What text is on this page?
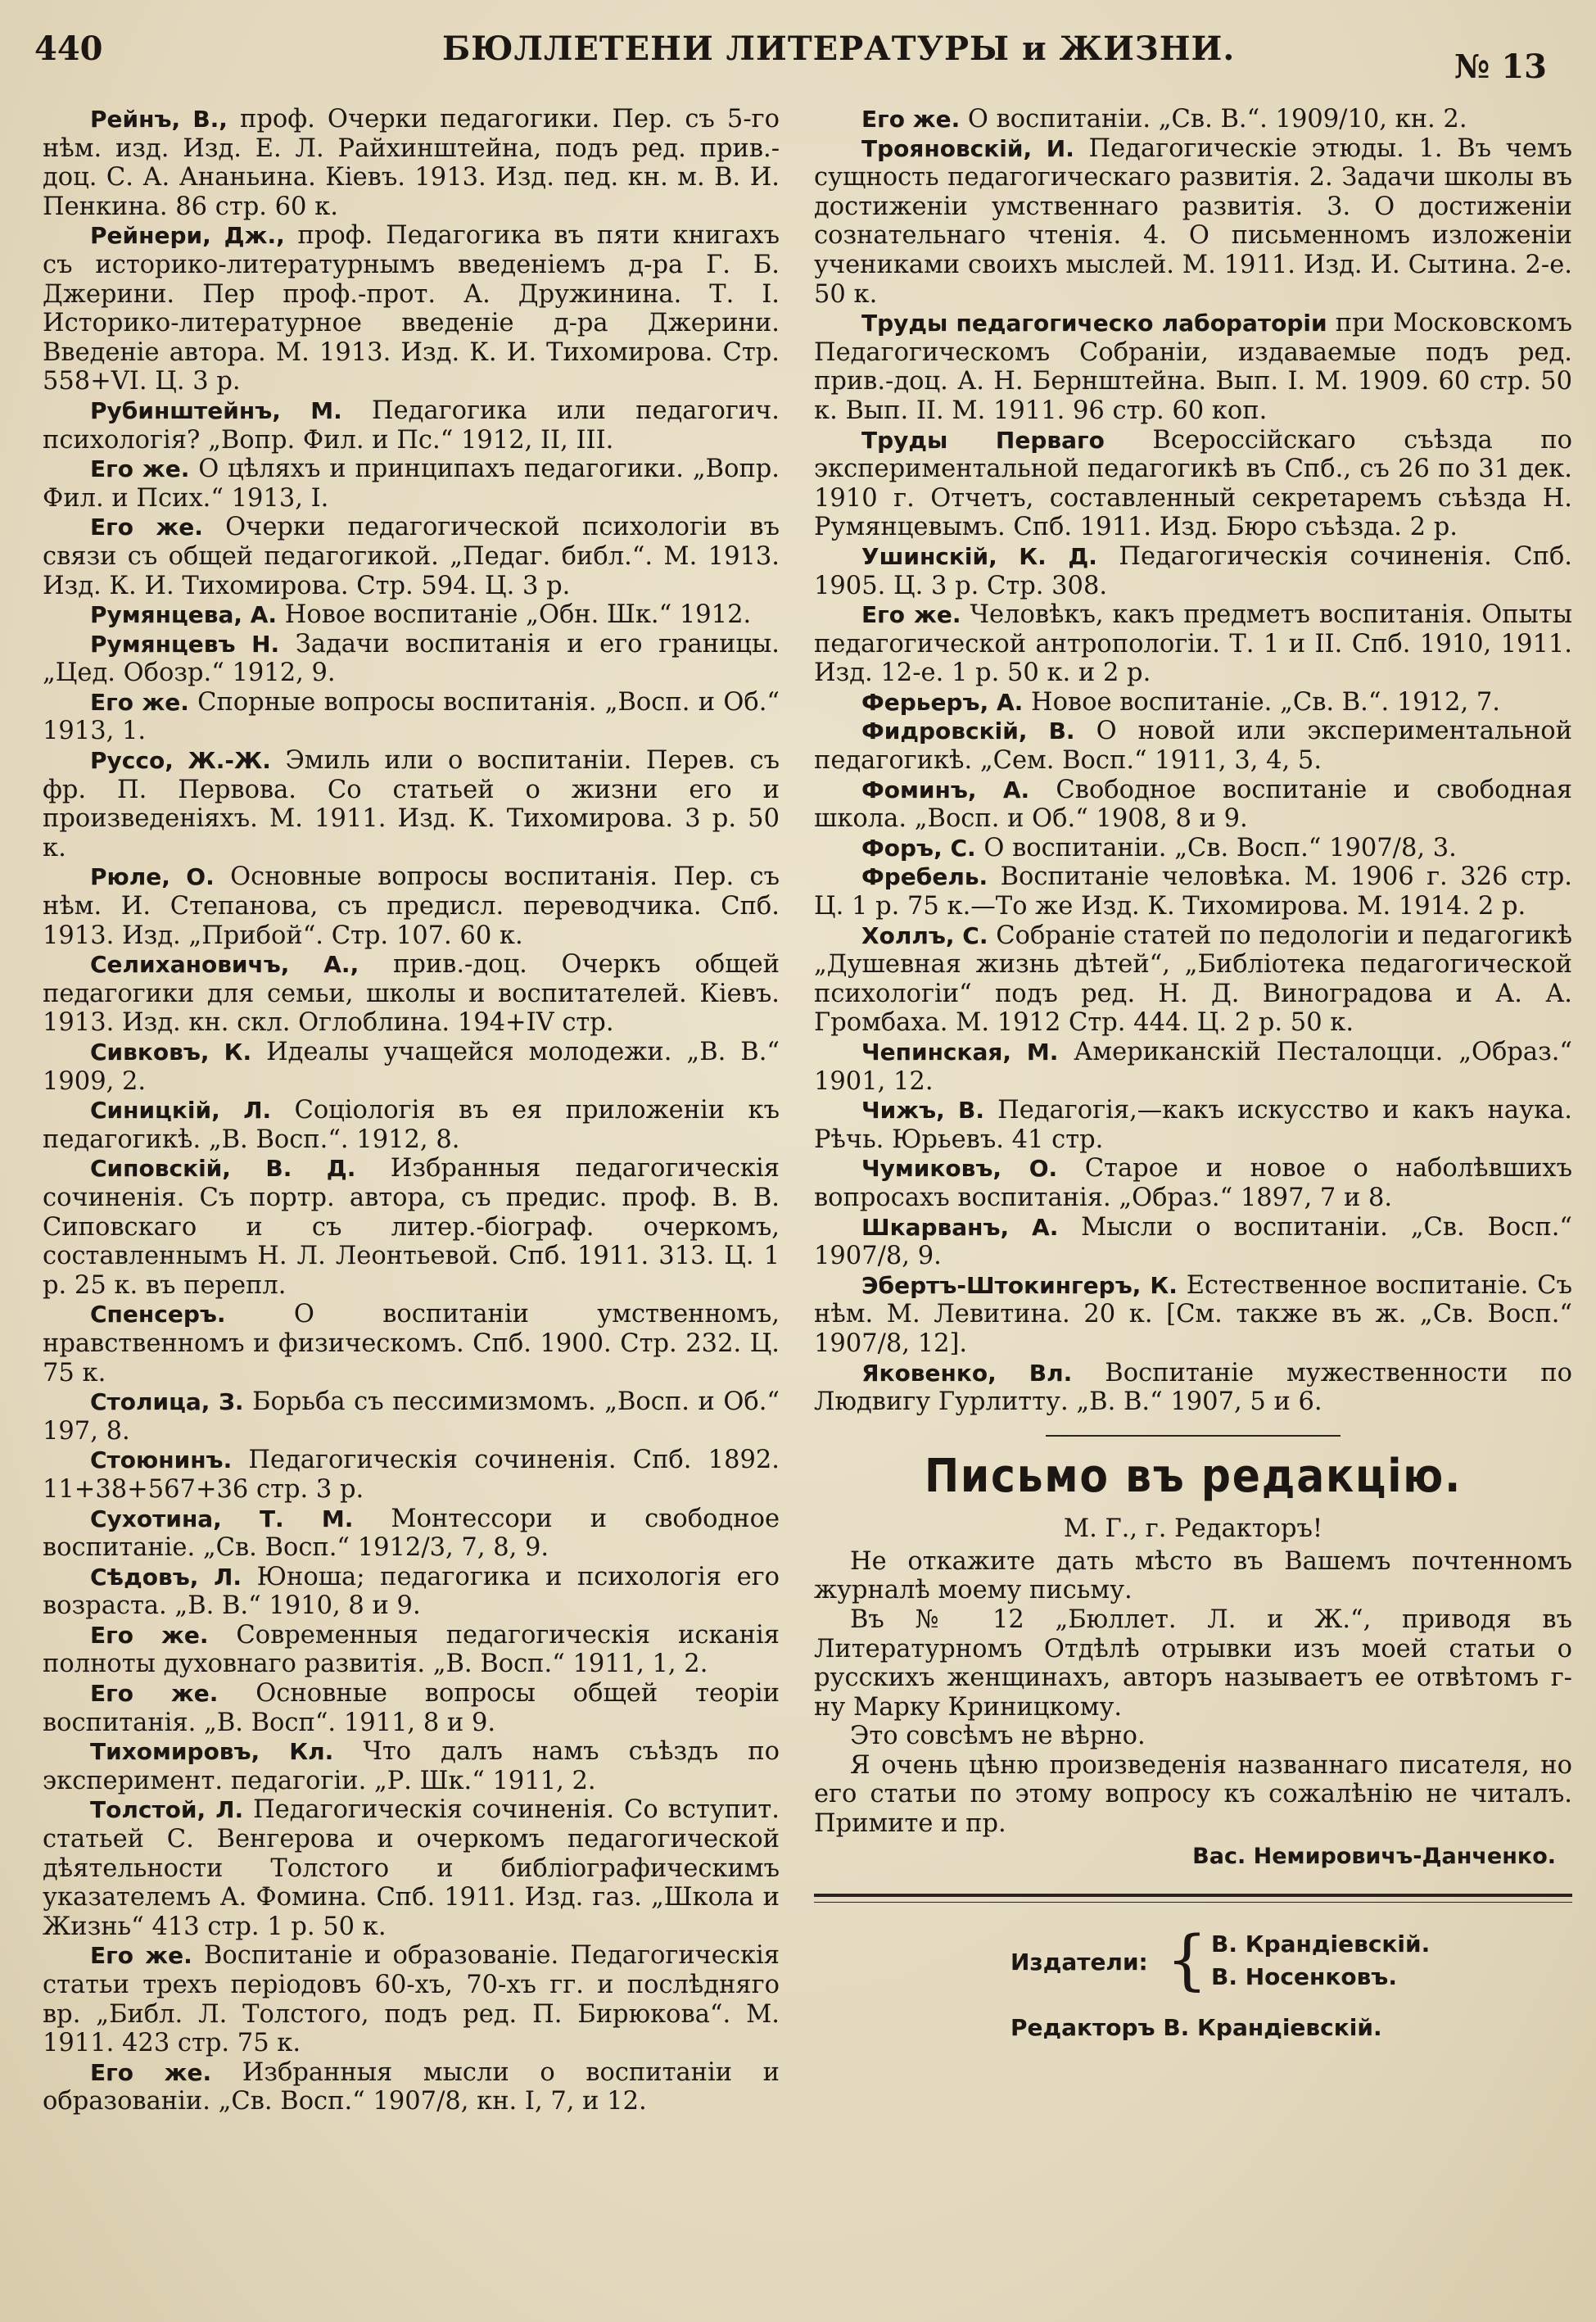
440	БЮЛЛЕТЕНИ ЛИТЕРАТУРЫ и ЖИЗНИ.	№ 13

Рейнъ, В., проф. Очерки педагогики. Пер. съ 5-го нѣм. изд. Изд. Е. Л. Райхинштейна, подъ ред. прив.-доц. С. А. Ананьина. Кіевъ. 1913. Изд. пед. кн. м. В. И. Пенкина. 86 стр. 60 к.

Рейнери, Дж., проф. Педагогика въ пяти книгахъ съ историко-литературнымъ введеніемъ д-ра Г. Б. Джерини. Пер проф.-прот. А. Дружинина. Т. I. Историко-литературное введеніе д-ра Джерини. Введеніе автора. М. 1913. Изд. К. И. Тихомирова. Стр. 558+VI. Ц. 3 р.

Рубинштейнъ, М. Педагогика или педагогич. психологія? „Вопр. Фил. и Пс.“ 1912, II, III.

Его же. О цѣляхъ и принципахъ педагогики. „Вопр. Фил. и Псих.“ 1913, I.

Его же. Очерки педагогической психологіи въ связи съ общей педагогикой. „Педаг. библ.“. М. 1913. Изд. К. И. Тихомирова. Стр. 594. Ц. 3 р.

Румянцева, А. Новое воспитаніе „Обн. Шк.“ 1912.

Румянцевъ Н. Задачи воспитанія и его границы. „Цед. Обозр.“ 1912, 9.

Его же. Спорные вопросы воспитанія. „Восп. и Об.“ 1913, 1.

Руссо, Ж.-Ж. Эмиль или о воспитаніи. Перев. съ фр. П. Первова. Со статьей о жизни его и произведеніяхъ. М. 1911. Изд. К. Тихомирова. 3 р. 50 к.

Рюле, О. Основные вопросы воспитанія. Пер. съ нѣм. И. Степанова, съ предисл. переводчика. Спб. 1913. Изд. „Прибой“. Стр. 107. 60 к.

Селихановичъ, А., прив.-доц. Очеркъ общей педагогики для семьи, школы и воспитателей. Кіевъ. 1913. Изд. кн. скл. Оглоблина. 194+IV стр.

Сивковъ, К. Идеалы учащейся молодежи. „В. В.“ 1909, 2.

Синицкій, Л. Соціологія въ ея приложеніи къ педагогикѣ. „В. Восп.“. 1912, 8.

Сиповскій, В. Д. Избранныя педагогическія сочиненія. Съ портр. автора, съ предис. проф. В. В. Сиповскаго и съ литер.-біограф. очеркомъ, составленнымъ Н. Л. Леонтьевой. Спб. 1911. 313. Ц. 1 р. 25 к. въ перепл.

Спенсеръ. О воспитаніи умственномъ, нравственномъ и физическомъ. Спб. 1900. Стр. 232. Ц. 75 к.

Столица, З. Борьба съ пессимизмомъ. „Восп. и Об.“ 197, 8.

Стоюнинъ. Педагогическія сочиненія. Спб. 1892. 11+38+567+36 стр. 3 р.

Сухотина, Т. М. Монтессори и свободное воспитаніе. „Св. Восп.“ 1912/3, 7, 8, 9.

Сѣдовъ, Л. Юноша; педагогика и психологія его возраста. „В. В.“ 1910, 8 и 9.

Его же. Современныя педагогическія исканія полноты духовнаго развитія. „В. Восп.“ 1911, 1, 2.

Его же. Основные вопросы общей теоріи воспитанія. „В. Восп“. 1911, 8 и 9.

Тихомировъ, Кл. Что далъ намъ съѣздъ по эксперимент. педагогіи. „Р. Шк.“ 1911, 2.

Толстой, Л. Педагогическія сочиненія. Со вступит. статьей С. Венгерова и очеркомъ педагогической дѣятельности Толстого и библіографическимъ указателемъ А. Фомина. Спб. 1911. Изд. газ. „Школа и Жизнь“ 413 стр. 1 р. 50 к.

Его же. Воспитаніе и образованіе. Педагогическія статьи трехъ періодовъ 60-хъ, 70-хъ гг. и послѣдняго вр. „Библ. Л. Толстого, подъ ред. П. Бирюкова“. М. 1911. 423 стр. 75 к.

Его же. Избранныя мысли о воспитаніи и образованіи. „Св. Восп.“ 1907/8, кн. I, 7, и 12.

Его же. О воспитаніи. „Св. В.“. 1909/10, кн. 2.

Трояновскій, И. Педагогическіе этюды. 1. Въ чемъ сущность педагогическаго развитія. 2. Задачи школы въ достиженіи умственнаго развитія. 3. О достиженіи сознательнаго чтенія. 4. О письменномъ изложеніи учениками своихъ мыслей. М. 1911. Изд. И. Сытина. 2-е. 50 к.

Труды педагогическо лабораторіи при Московскомъ Педагогическомъ Собраніи, издаваемые подъ ред. прив.-доц. А. Н. Бернштейна. Вып. I. М. 1909. 60 стр. 50 к. Вып. II. М. 1911. 96 стр. 60 коп.

Труды Перваго Всероссійскаго съѣзда по экспериментальной педагогикѣ въ Спб., съ 26 по 31 дек. 1910 г. Отчетъ, составленный секретаремъ съѣзда Н. Румянцевымъ. Спб. 1911. Изд. Бюро съѣзда. 2 р.

Ушинскій, К. Д. Педагогическія сочиненія. Спб. 1905. Ц. 3 р. Стр. 308.

Его же. Человѣкъ, какъ предметъ воспитанія. Опыты педагогической антропологіи. Т. 1 и II. Спб. 1910, 1911. Изд. 12-е. 1 р. 50 к. и 2 р.

Ферьеръ, А. Новое воспитаніе. „Св. В.“. 1912, 7.

Фидровскій, В. О новой или экспериментальной педагогикѣ. „Сем. Восп.“ 1911, 3, 4, 5.

Фоминъ, А. Свободное воспитаніе и свободная школа. „Восп. и Об.“ 1908, 8 и 9.

Форъ, С. О воспитаніи. „Св. Восп.“ 1907/8, 3.

Фребель. Воспитаніе человѣка. М. 1906 г. 326 стр. Ц. 1 р. 75 к.—То же Изд. К. Тихомирова. М. 1914. 2 р.

Холлъ, С. Собраніе статей по педологіи и педагогикѣ „Душевная жизнь дѣтей“, „Библіотека педагогической психологіи“ подъ ред. Н. Д. Виноградова и А. А. Громбаха. М. 1912 Стр. 444. Ц. 2 р. 50 к.

Чепинская, М. Американскій Песталоцци. „Образ.“ 1901, 12.

Чижъ, В. Педагогія,—какъ искусство и какъ наука. Рѣчь. Юрьевъ. 41 стр.

Чумиковъ, О. Старое и новое о наболѣвшихъ вопросахъ воспитанія. „Образ.“ 1897, 7 и 8.

Шкарванъ, А. Мысли о воспитаніи. „Св. Восп.“ 1907/8, 9.

Эбертъ-Штокингеръ, К. Естественное воспитаніе. Съ нѣм. М. Левитина. 20 к. [См. также въ ж. „Св. Восп.“ 1907/8, 12].

Яковенко, Вл. Воспитаніе мужественности по Людвигу Гурлитту. „В. В.“ 1907, 5 и 6.

Письмо въ редакцію.

М. Г., г. Редакторъ!

Не откажите дать мѣсто въ Вашемъ почтенномъ журналѣ моему письму.

Въ № 12 „Бюллет. Л. и Ж.“, приводя въ Литературномъ Отдѣлѣ отрывки изъ моей статьи о русскихъ женщинахъ, авторъ называетъ ее отвѣтомъ г-ну Марку Криницкому.

Это совсѣмъ не вѣрно.

Я очень цѣню произведенія названнаго писателя, но его статьи по этому вопросу къ сожалѣнію не читалъ. Примите и пр.

Вас. Немировичъ-Данченко.
Издатели: { В. Крандіевскій.
В. Носенковъ.
Редакторъ В. Крандіевскій.
